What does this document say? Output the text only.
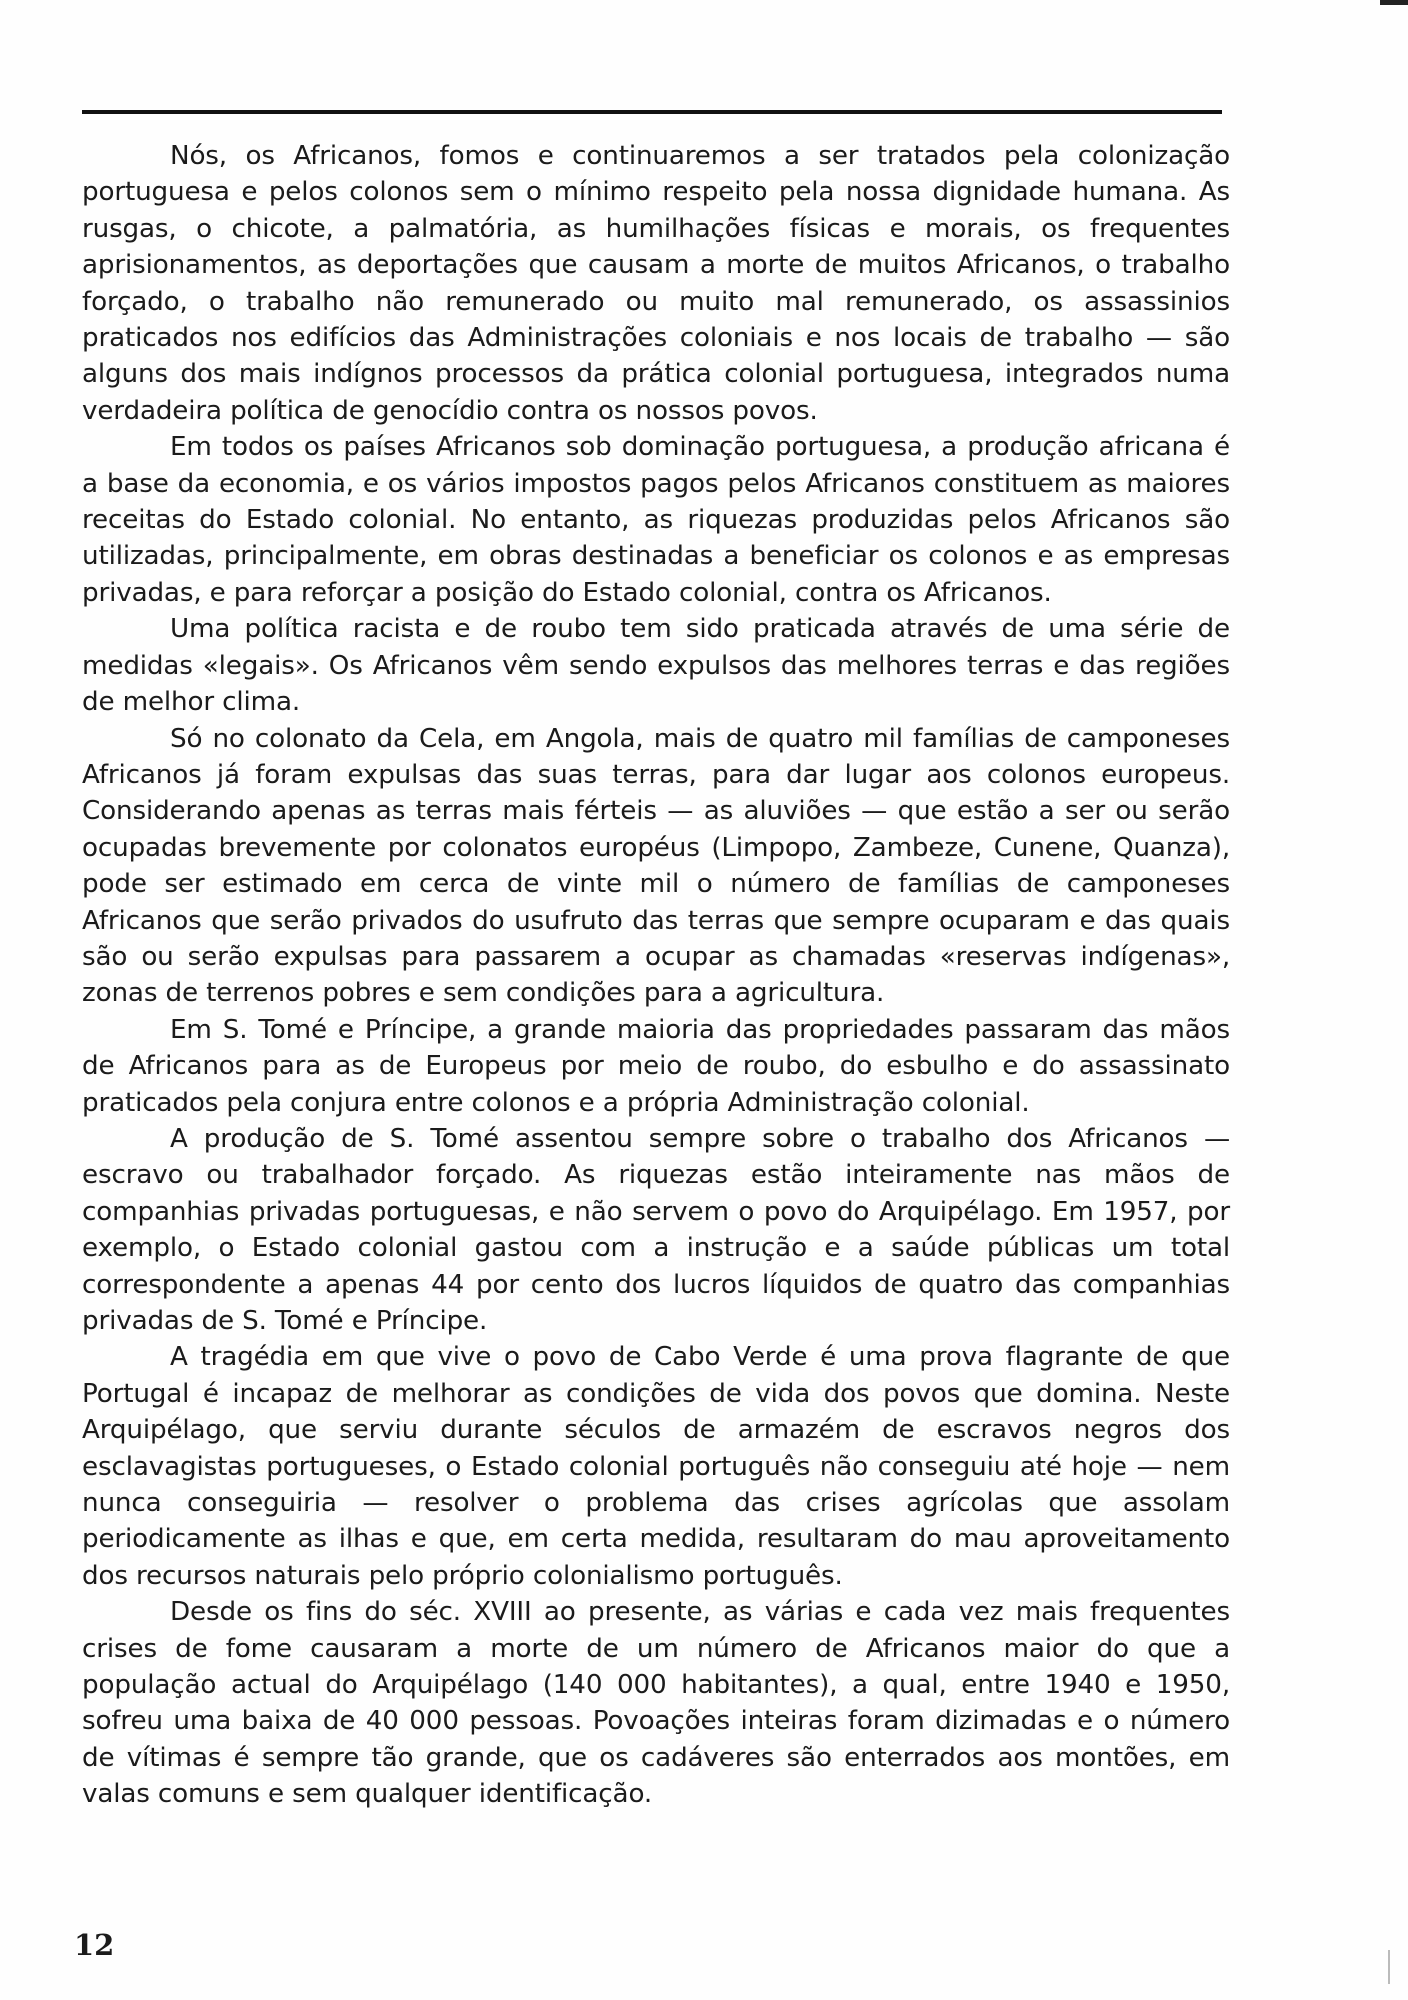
Nós, os Africanos, fomos e continuaremos a ser tratados pela colonização portuguesa e pelos colonos sem o mínimo respeito pela nossa dignidade humana. As rusgas, o chicote, a palmatória, as humilhações físicas e morais, os frequentes aprisionamentos, as deportações que causam a morte de muitos Africanos, o trabalho forçado, o trabalho não remunerado ou muito mal remunerado, os assassinios praticados nos edifícios das Administrações coloniais e nos locais de trabalho — são alguns dos mais indígnos processos da prática colonial portuguesa, integrados numa verdadeira política de genocídio contra os nossos povos.

Em todos os países Africanos sob dominação portuguesa, a produção africana é a base da economia, e os vários impostos pagos pelos Africanos constituem as maiores receitas do Estado colonial. No entanto, as riquezas produzidas pelos Africanos são utilizadas, principalmente, em obras destinadas a beneficiar os colonos e as empresas privadas, e para reforçar a posição do Estado colonial, contra os Africanos.

Uma política racista e de roubo tem sido praticada através de uma série de medidas «legais». Os Africanos vêm sendo expulsos das melhores terras e das regiões de melhor clima.

Só no colonato da Cela, em Angola, mais de quatro mil famílias de camponeses Africanos já foram expulsas das suas terras, para dar lugar aos colonos europeus. Considerando apenas as terras mais férteis — as aluviões — que estão a ser ou serão ocupadas brevemente por colonatos européus (Limpopo, Zambeze, Cunene, Quanza), pode ser estimado em cerca de vinte mil o número de famílias de camponeses Africanos que serão privados do usufruto das terras que sempre ocuparam e das quais são ou serão expulsas para passarem a ocupar as chamadas «reservas indígenas», zonas de terrenos pobres e sem condições para a agricultura.

Em S. Tomé e Príncipe, a grande maioria das propriedades passaram das mãos de Africanos para as de Europeus por meio de roubo, do esbulho e do assassinato praticados pela conjura entre colonos e a própria Administração colonial.

A produção de S. Tomé assentou sempre sobre o trabalho dos Africanos — escravo ou trabalhador forçado. As riquezas estão inteiramente nas mãos de companhias privadas portuguesas, e não servem o povo do Arquipélago. Em 1957, por exemplo, o Estado colonial gastou com a instrução e a saúde públicas um total correspondente a apenas 44 por cento dos lucros líquidos de quatro das companhias privadas de S. Tomé e Príncipe.

A tragédia em que vive o povo de Cabo Verde é uma prova flagrante de que Portugal é incapaz de melhorar as condições de vida dos povos que domina. Neste Arquipélago, que serviu durante séculos de armazém de escravos negros dos esclavagistas portugueses, o Estado colonial português não conseguiu até hoje — nem nunca conseguiria — resolver o problema das crises agrícolas que assolam periodicamente as ilhas e que, em certa medida, resultaram do mau aproveitamento dos recursos naturais pelo próprio colonialismo português.

Desde os fins do séc. XVIII ao presente, as várias e cada vez mais frequentes crises de fome causaram a morte de um número de Africanos maior do que a população actual do Arquipélago (140 000 habitantes), a qual, entre 1940 e 1950, sofreu uma baixa de 40 000 pessoas. Povoações inteiras foram dizimadas e o número de vítimas é sempre tão grande, que os cadáveres são enterrados aos montões, em valas comuns e sem qualquer identificação.

12
